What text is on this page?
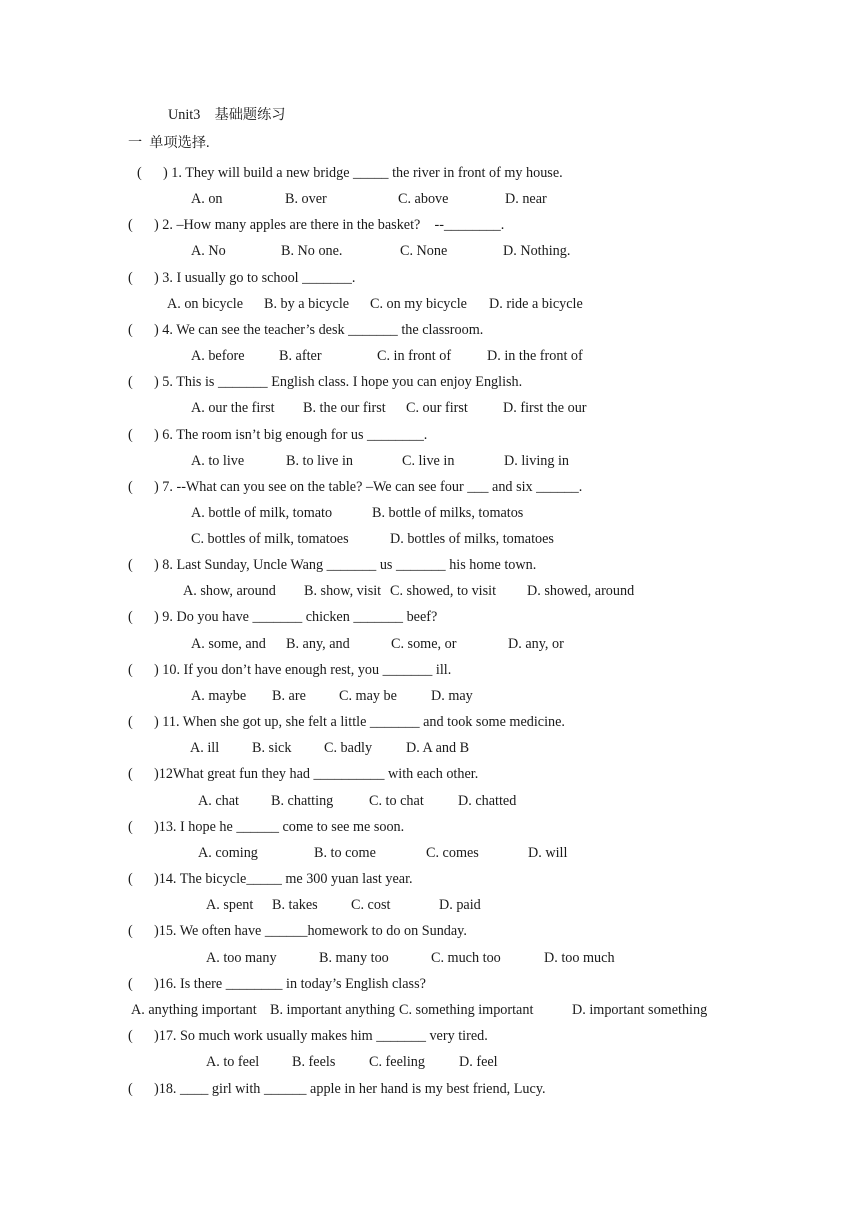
Unit3　基础题练习
一  单项选择.
(      ) 1. They will build a new bridge _____ the river in front of my house.
A. on	B. over	C. above	D. near
(      ) 2. –How many apples are there in the basket?    --________.
A. No	B. No one.	C. None	D. Nothing.
(      ) 3. I usually go to school _______.
A. on bicycle B. by a bicycle C. on my bicycle D. ride a bicycle
(      ) 4. We can see the teacher’s desk _______ the classroom.
A. before B. after	C. in front of	D. in the front of
(      ) 5. This is _______ English class. I hope you can enjoy English.
A. our the first B. the our first C. our first D. first the our
(      ) 6. The room isn’t big enough for us ________.
A. to live	B. to live in	C. live in	D. living in
(      ) 7. --What can you see on the table? –We can see four ___ and six ______.
A. bottle of milk, tomato	B. bottle of milks, tomatos
C. bottles of milk, tomatoes	D. bottles of milks, tomatoes
(      ) 8. Last Sunday, Uncle Wang _______ us _______ his home town.
A. show, around B. show, visit C. showed, to visit D. showed, around
(      ) 9. Do you have _______ chicken _______ beef?
A. some, and B. any, and	C. some, or	D. any, or
(      ) 10. If you don’t have enough rest, you _______ ill.
A. maybe B. are C. may be D. may
(      ) 11. When she got up, she felt a little _______ and took some medicine.
A. ill B. sick C. badly D. A and B
(      )12What great fun they had __________ with each other.
A. chat B. chatting	C. to chat D. chatted
(      )13. I hope he ______ come to see me soon.
A. coming	B. to come	C. comes	D. will
(      )14. The bicycle_____ me 300 yuan last year.
A. spent B. takes C. cost	D. paid
(      )15. We often have ______homework to do on Sunday.
A. too many	B. many too	C. much too	D. too much
(      )16. Is there ________ in today’s English class?
A. anything important B. important anything C. something important	D. important something
(      )17. So much work usually makes him _______ very tired.
A. to feel B. feels C. feeling D. feel
(      )18. ____ girl with ______ apple in her hand is my best friend, Lucy.
